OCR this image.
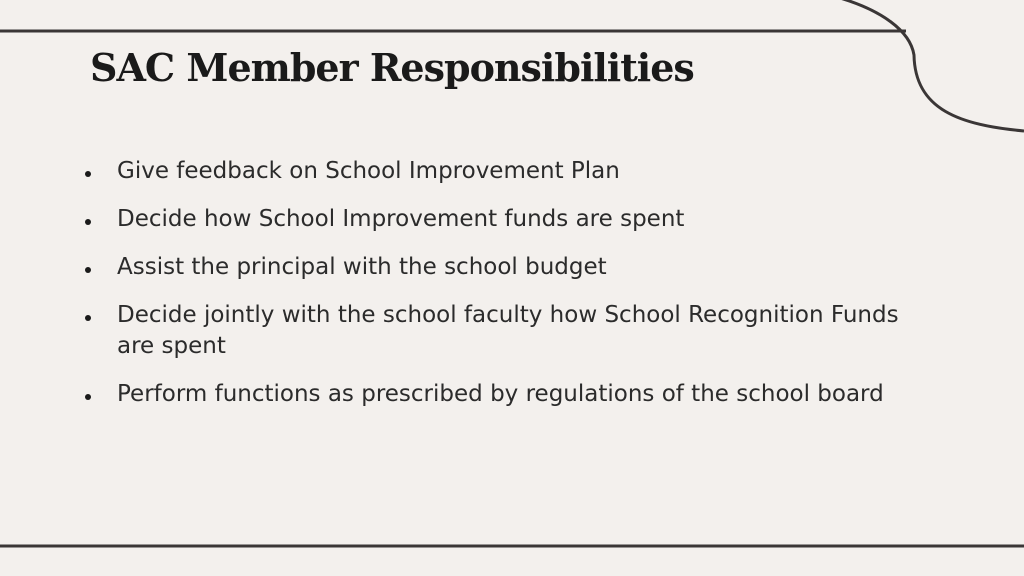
SAC Member Responsibilities
Give feedback on School Improvement Plan
Decide how School Improvement funds are spent
Assist the principal with the school budget
Decide jointly with the school faculty how School Recognition Funds are spent
Perform functions as prescribed by regulations of the school board
